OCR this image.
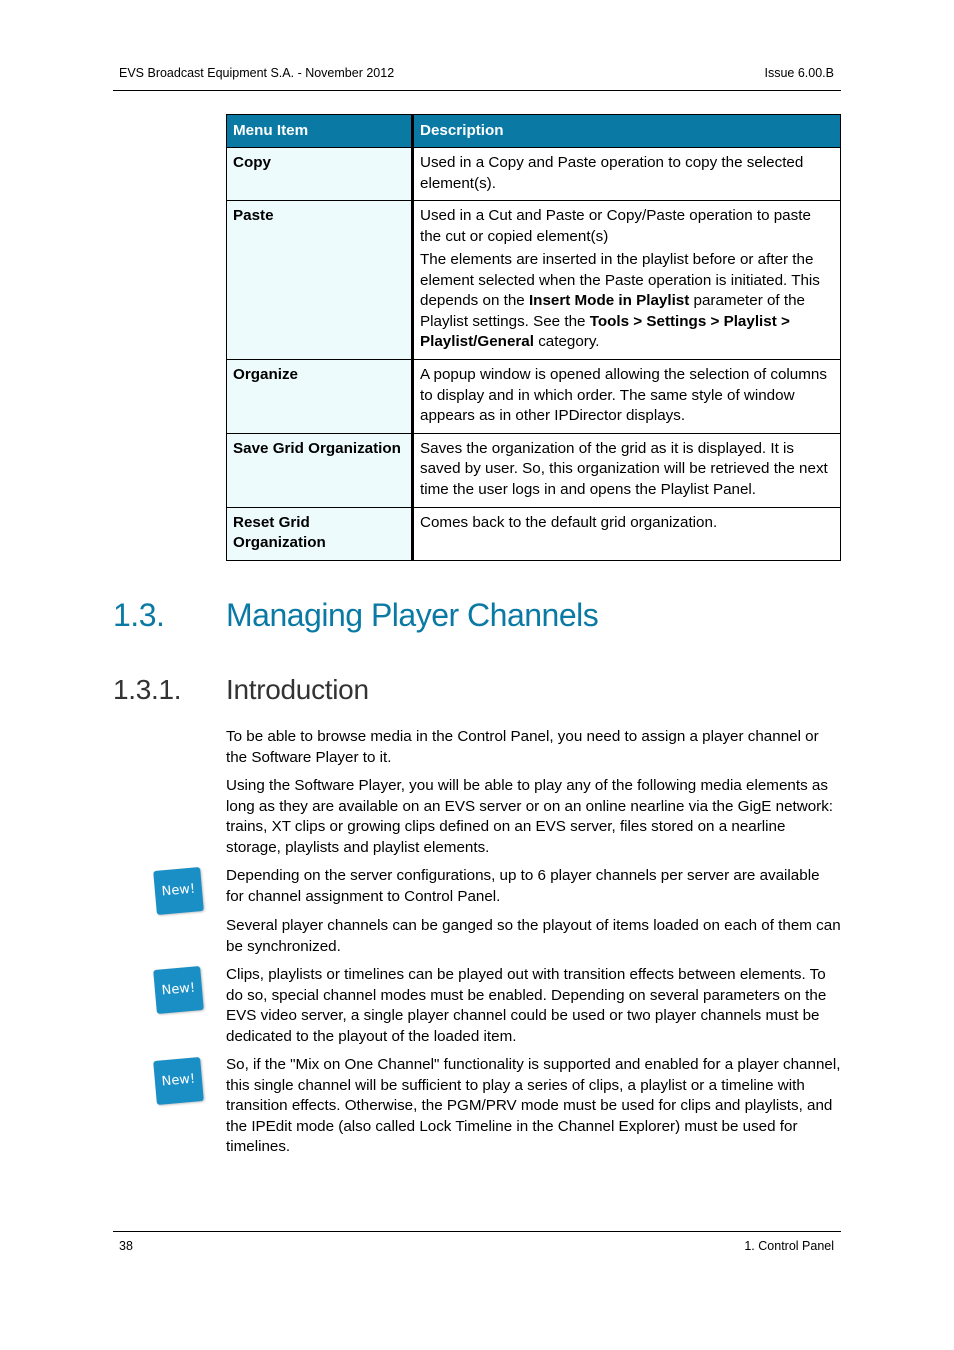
EVS Broadcast Equipment S.A. - November 2012	Issue 6.00.B
Menu Item	Description
Copy	Used in a Copy and Paste operation to copy the selected element(s).

Paste	Used in a Cut and Paste or Copy/Paste operation to paste the cut or copied element(s)

The elements are inserted in the playlist before or after the element selected when the Paste operation is initiated. This depends on the Insert Mode in Playlist parameter of the Playlist settings. See the Tools > Settings > Playlist > Playlist/General category.

Organize	A popup window is opened allowing the selection of columns to display and in which order. The same style of window appears as in other IPDirector displays.

Save Grid Organization	Saves the organization of the grid as it is displayed. It is saved by user. So, this organization will be retrieved the next time the user logs in and opens the Playlist Panel.

Reset Grid Organization	Comes back to the default grid organization.

1.3. Managing Player Channels
1.3.1. Introduction
To be able to browse media in the Control Panel, you need to assign a player channel or the Software Player to it.
Using the Software Player, you will be able to play any of the following media elements as long as they are available on an EVS server or on an online nearline via the GigE network: trains, XT clips or growing clips defined on an EVS server, files stored on a nearline storage, playlists and playlist elements.
New!
Depending on the server configurations, up to 6 player channels per server are available for channel assignment to Control Panel.
Several player channels can be ganged so the playout of items loaded on each of them can be synchronized.
New!
Clips, playlists or timelines can be played out with transition effects between elements. To do so, special channel modes must be enabled. Depending on several parameters on the EVS video server, a single player channel could be used or two player channels must be dedicated to the playout of the loaded item.
New!
So, if the "Mix on One Channel" functionality is supported and enabled for a player channel, this single channel will be sufficient to play a series of clips, a playlist or a timeline with transition effects. Otherwise, the PGM/PRV mode must be used for clips and playlists, and the IPEdit mode (also called Lock Timeline in the Channel Explorer) must be used for timelines.
38	1. Control Panel
